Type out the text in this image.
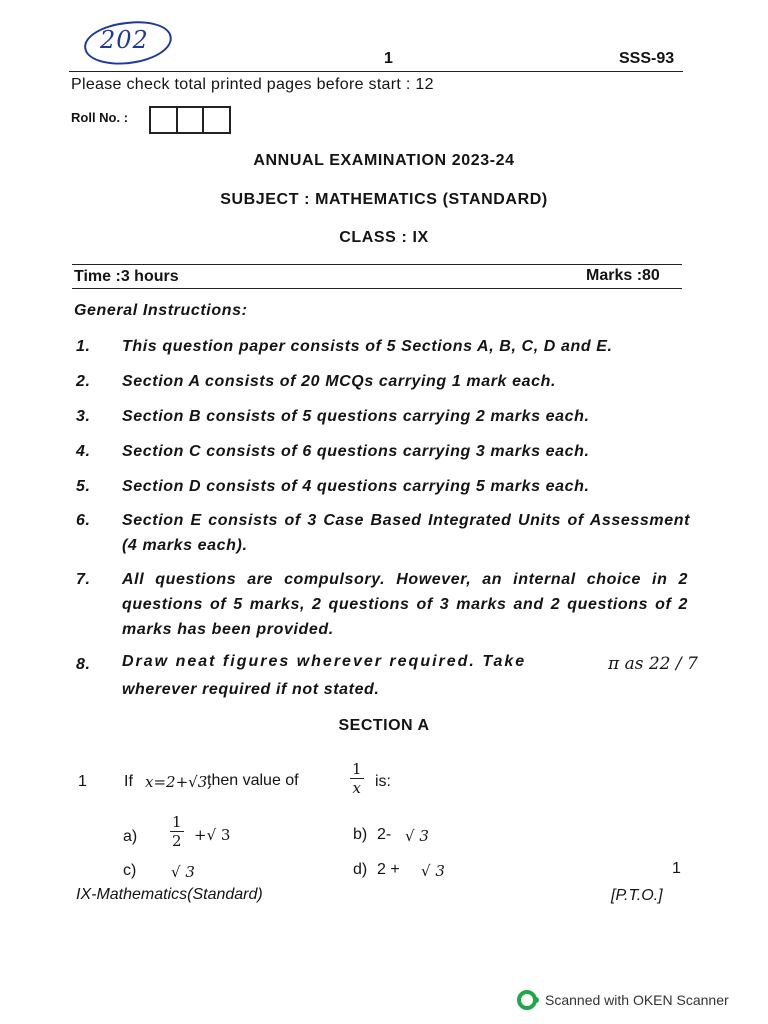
202
1	SSS-93
Please check total printed pages before start : 12
Roll No. :
ANNUAL EXAMINATION 2023-24
SUBJECT : MATHEMATICS (STANDARD)
CLASS : IX
Time :3 hours	Marks :80
General Instructions:
1. This question paper consists of 5 Sections A, B, C, D and E.
2. Section A consists of 20 MCQs carrying 1 mark each.
3. Section B consists of 5 questions carrying 2 marks each.
4. Section C consists of 6 questions carrying 3 marks each.
5. Section D consists of 4 questions carrying 5 marks each.
6. Section E consists of 3 Case Based Integrated Units of Assessment (4 marks each).
7. All questions are compulsory. However, an internal choice in 2 questions of 5 marks, 2 questions of 3 marks and 2 questions of 2 marks has been provided.
8. Draw neat figures wherever required. Take	π as 22 / 7
wherever required if not stated.
SECTION A
1 If x=2+√3,
then value of	$\frac{1}{x}$ is:
$a) \frac{1}{2}$ +√ 3	b) 2- √ 3
c) √ 3	d) 2 + √ 3	1
IX-Mathematics(Standard)	[P.T.O.]
Scanned with OKEN Scanner
